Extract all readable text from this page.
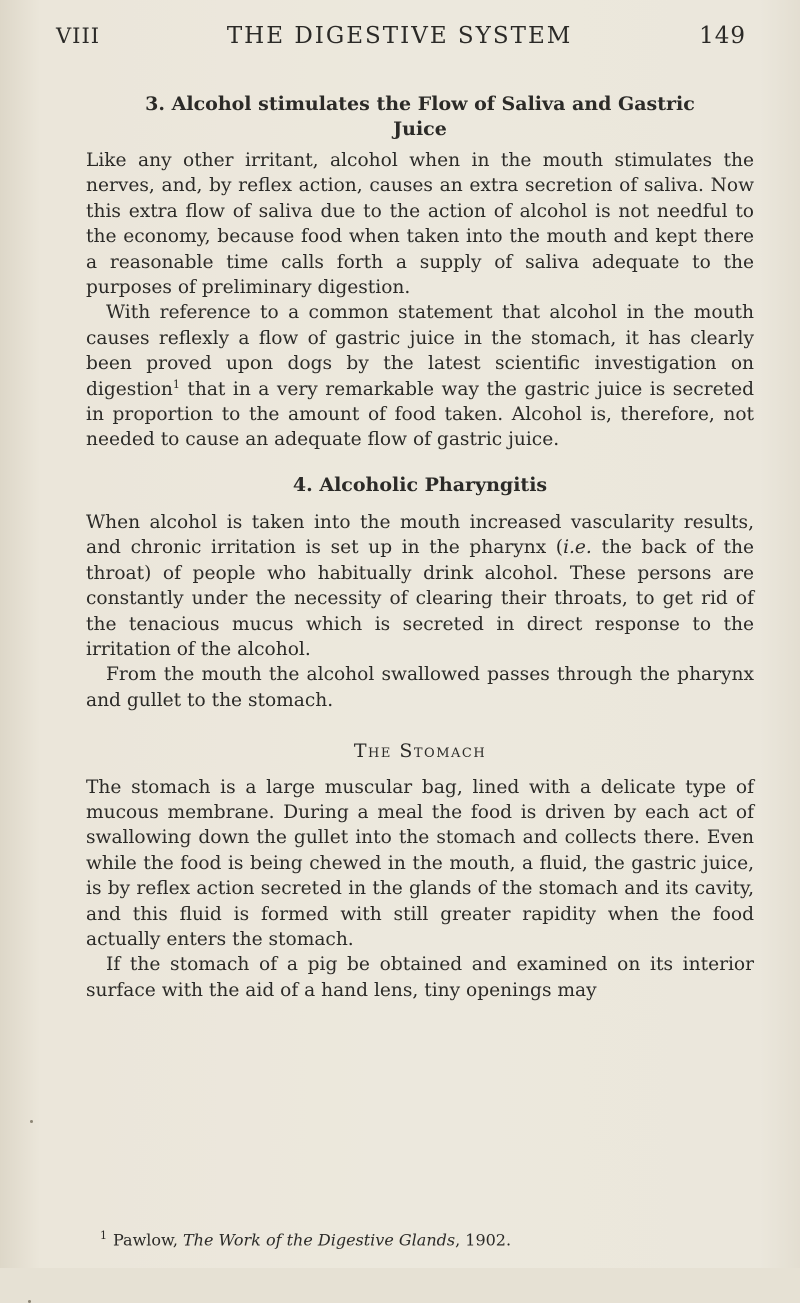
VIII	THE DIGESTIVE SYSTEM	149
3. Alcohol stimulates the Flow of Saliva and Gastric
Juice

Like any other irritant, alcohol when in the mouth stimulates the nerves, and, by reflex action, causes an extra secretion of saliva. Now this extra flow of saliva due to the action of alcohol is not needful to the economy, because food when taken into the mouth and kept there a reasonable time calls forth a supply of saliva adequate to the purposes of preliminary digestion.

With reference to a common statement that alcohol in the mouth causes reflexly a flow of gastric juice in the stomach, it has clearly been proved upon dogs by the latest scientific investigation on digestion$^1$ that in a very remarkable way the gastric juice is secreted in proportion to the amount of food taken. Alcohol is, therefore, not needed to cause an adequate flow of gastric juice.

4. Alcoholic Pharyngitis

When alcohol is taken into the mouth increased vascularity results, and chronic irritation is set up in the pharynx (i.e. the back of the throat) of people who habitually drink alcohol. These persons are constantly under the necessity of clearing their throats, to get rid of the tenacious mucus which is secreted in direct response to the irritation of the alcohol.

From the mouth the alcohol swallowed passes through the pharynx and gullet to the stomach.

The Stomach

The stomach is a large muscular bag, lined with a delicate type of mucous membrane. During a meal the food is driven by each act of swallowing down the gullet into the stomach and collects there. Even while the food is being chewed in the mouth, a fluid, the gastric juice, is by reflex action secreted in the glands of the stomach and its cavity, and this fluid is formed with still greater rapidity when the food actually enters the stomach.

If the stomach of a pig be obtained and examined on its interior surface with the aid of a hand lens, tiny openings may

$^1$ Pawlow, The Work of the Digestive Glands, 1902.
